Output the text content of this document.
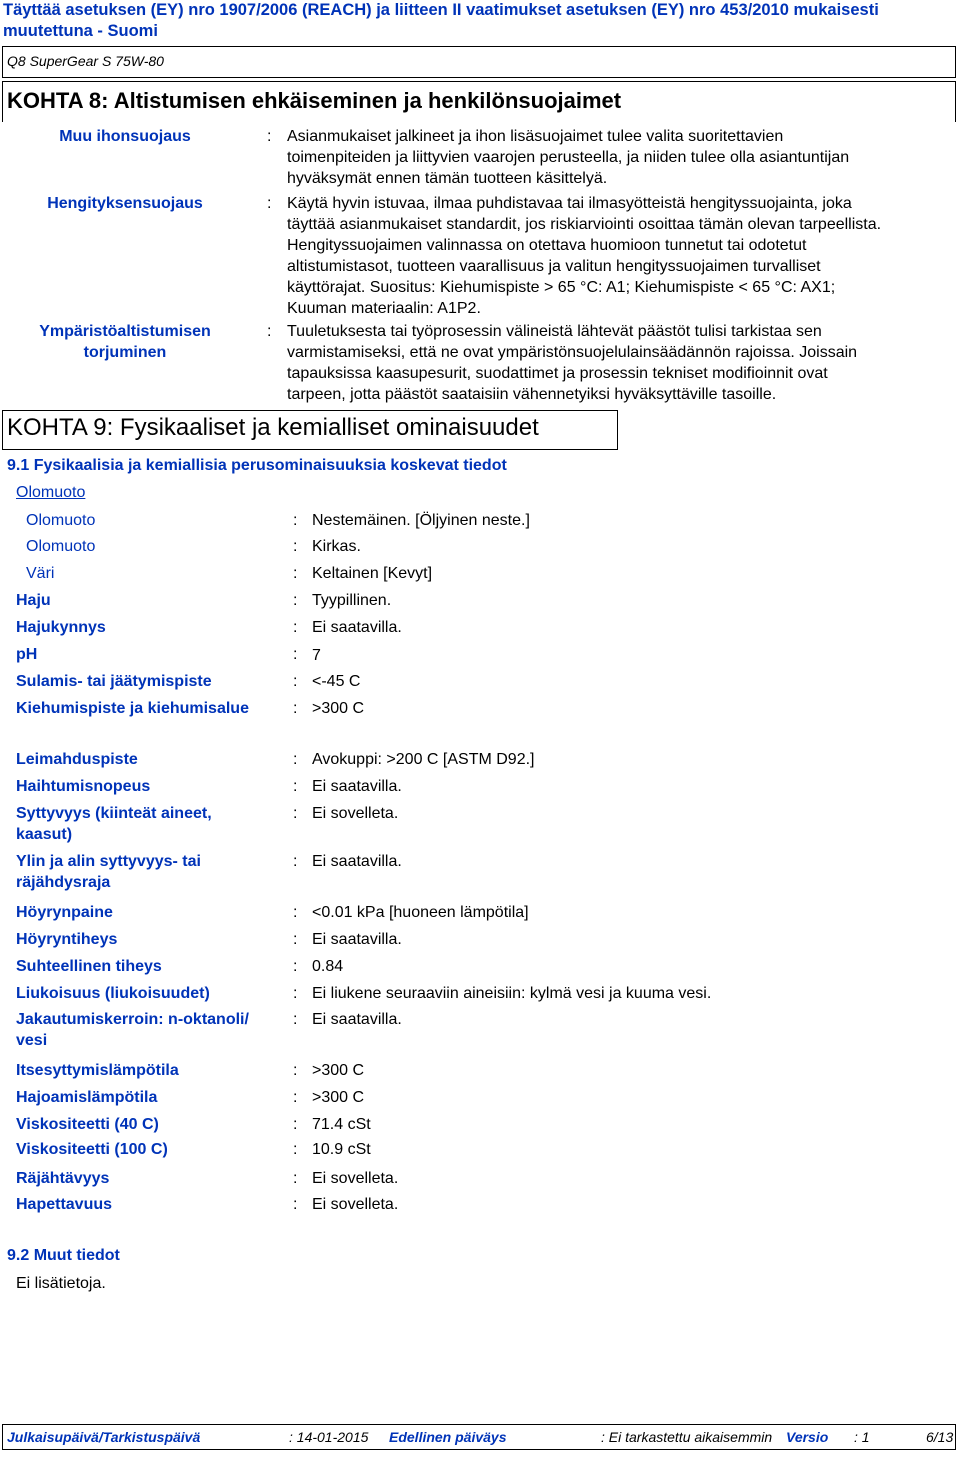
Täyttää asetuksen (EY) nro 1907/2006 (REACH) ja liitteen II vaatimukset asetuksen (EY) nro 453/2010 mukaisesti
muutettuna - Suomi
Q8 SuperGear S 75W-80
KOHTA 8: Altistumisen ehkäiseminen ja henkilönsuojaimet
Muu ihonsuojaus	: Asianmukaiset jalkineet ja ihon lisäsuojaimet tulee valita suoritettavien
toimenpiteiden ja liittyvien vaarojen perusteella, ja niiden tulee olla asiantuntijan
hyväksymät ennen tämän tuotteen käsittelyä.
Hengityksensuojaus	: Käytä hyvin istuvaa, ilmaa puhdistavaa tai ilmasyötteistä hengityssuojainta, joka
täyttää asianmukaiset standardit, jos riskiarviointi osoittaa tämän olevan tarpeellista.
Hengityssuojaimen valinnassa on otettava huomioon tunnetut tai odotetut
altistumistasot, tuotteen vaarallisuus ja valitun hengityssuojaimen turvalliset
käyttörajat. Suositus: Kiehumispiste > 65 °C: A1; Kiehumispiste < 65 °C: AX1;
Kuuman materiaalin: A1P2.
Ympäristöaltistumisen
torjuminen
: Tuuletuksesta tai työprosessin välineistä lähtevät päästöt tulisi tarkistaa sen
varmistamiseksi, että ne ovat ympäristönsuojelulainsäädännön rajoissa. Joissain
tapauksissa kaasupesurit, suodattimet ja prosessin tekniset modifioinnit ovat
tarpeen, jotta päästöt saataisiin vähennetyiksi hyväksyttäville tasoille.
KOHTA 9: Fysikaaliset ja kemialliset ominaisuudet
9.1 Fysikaalisia ja kemiallisia perusominaisuuksia koskevat tiedot
Olomuoto
Olomuoto	: Nestemäinen. [Öljyinen neste.]
Olomuoto	: Kirkas.
Väri	: Keltainen [Kevyt]
Haju	: Tyypillinen.
Hajukynnys	: Ei saatavilla.
pH	: 7
Sulamis- tai jäätymispiste	: <-45 C
Kiehumispiste ja kiehumisalue	: >300 C
Leimahduspiste	: Avokuppi: >200 C [ASTM D92.]
Haihtumisnopeus	: Ei saatavilla.
Syttyvyys (kiinteät aineet,
kaasut)
: Ei sovelleta.
Ylin ja alin syttyvyys- tai
räjähdysraja
: Ei saatavilla.
Höyrynpaine	: <0.01 kPa [huoneen lämpötila]
Höyryntiheys	: Ei saatavilla.
Suhteellinen tiheys	: 0.84
Liukoisuus (liukoisuudet)	: Ei liukene seuraaviin aineisiin: kylmä vesi ja kuuma vesi.
Jakautumiskerroin: n-oktanoli/
vesi
: Ei saatavilla.
Itsesyttymislämpötila	: >300 C
Hajoamislämpötila	: >300 C
Viskositeetti (40 C)	: 71.4 cSt
Viskositeetti (100 C)	: 10.9 cSt
Räjähtävyys	: Ei sovelleta.
Hapettavuus	: Ei sovelleta.
9.2 Muut tiedot
Ei lisätietoja.
Julkaisupäivä/Tarkistuspäivä	: 14-01-2015 Edellinen päiväys	: Ei tarkastettu aikaisemmin Versio : 1	6/13
